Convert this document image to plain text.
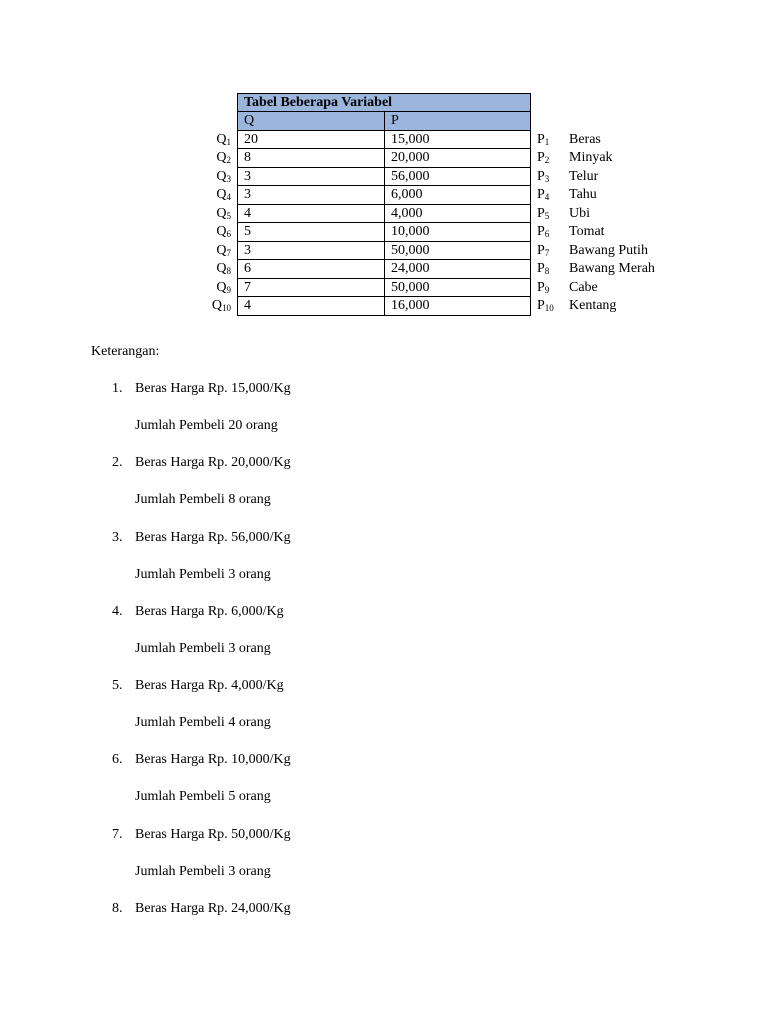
Tabel Beberapa Variabel
Q	P
$Q_1$ 20	15,000	$P_1$ Beras
$Q_2$ 8	20,000	$P_2$ Minyak
$Q_3$ 3	56,000	$P_3$ Telur
$Q_4$ 3	6,000	$P_4$ Tahu
$Q_5$ 4	4,000	$P_5$ Ubi
$Q_6$ 5	10,000	$P_6$ Tomat
$Q_7$ 3	50,000	$P_7$ Bawang Putih
$Q_8$ 6	24,000	$P_8$ Bawang Merah
$Q_9$ 7	50,000	$P_9$ Cabe
$Q_{10}$ 4	16,000	$P_{10}$ Kentang
Keterangan:
1. Beras Harga Rp. 15,000/Kg
Jumlah Pembeli 20 orang
2. Beras Harga Rp. 20,000/Kg
Jumlah Pembeli 8 orang
3. Beras Harga Rp. 56,000/Kg
Jumlah Pembeli 3 orang
4. Beras Harga Rp. 6,000/Kg
Jumlah Pembeli 3 orang
5. Beras Harga Rp. 4,000/Kg
Jumlah Pembeli 4 orang
6. Beras Harga Rp. 10,000/Kg
Jumlah Pembeli 5 orang
7. Beras Harga Rp. 50,000/Kg
Jumlah Pembeli 3 orang
8. Beras Harga Rp. 24,000/Kg
